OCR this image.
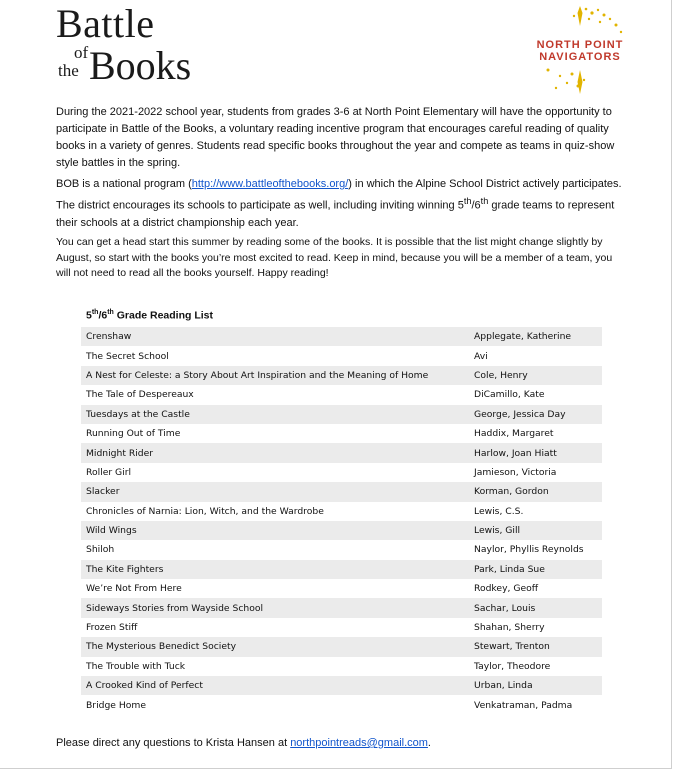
Battle
of
the Books	NORTH POINT
NAVIGATORS

During the 2021-2022 school year, students from grades 3-6 at North Point Elementary will have the opportunity to participate in Battle of the Books, a voluntary reading incentive program that encourages careful reading of quality books in a variety of genres. Students read specific books throughout the year and compete as teams in quiz-show style battles in the spring.

BOB is a national program (http://www.battleofthebooks.org/) in which the Alpine School District actively participates. The district encourages its schools to participate as well, including inviting winning 5th/6th grade teams to represent their schools at a district championship each year.

You can get a head start this summer by reading some of the books. It is possible that the list might change slightly by August, so start with the books you’re most excited to read. Keep in mind, because you will be a member of a team, you will not need to read all the books yourself. Happy reading!

5th/6th Grade Reading List
Crenshaw	Applegate, Katherine
The Secret School	Avi
A Nest for Celeste: a Story About Art Inspiration and the Meaning of Home	Cole, Henry
The Tale of Despereaux	DiCamillo, Kate
Tuesdays at the Castle	George, Jessica Day
Running Out of Time	Haddix, Margaret
Midnight Rider	Harlow, Joan Hiatt
Roller Girl	Jamieson, Victoria
Slacker	Korman, Gordon
Chronicles of Narnia: Lion, Witch, and the Wardrobe	Lewis, C.S.
Wild Wings	Lewis, Gill
Shiloh	Naylor, Phyllis Reynolds
The Kite Fighters	Park, Linda Sue
We’re Not From Here	Rodkey, Geoff
Sideways Stories from Wayside School	Sachar, Louis
Frozen Stiff	Shahan, Sherry
The Mysterious Benedict Society	Stewart, Trenton
The Trouble with Tuck	Taylor, Theodore
A Crooked Kind of Perfect	Urban, Linda
Bridge Home	Venkatraman, Padma
Please direct any questions to Krista Hansen at northpointreads@gmail.com.
